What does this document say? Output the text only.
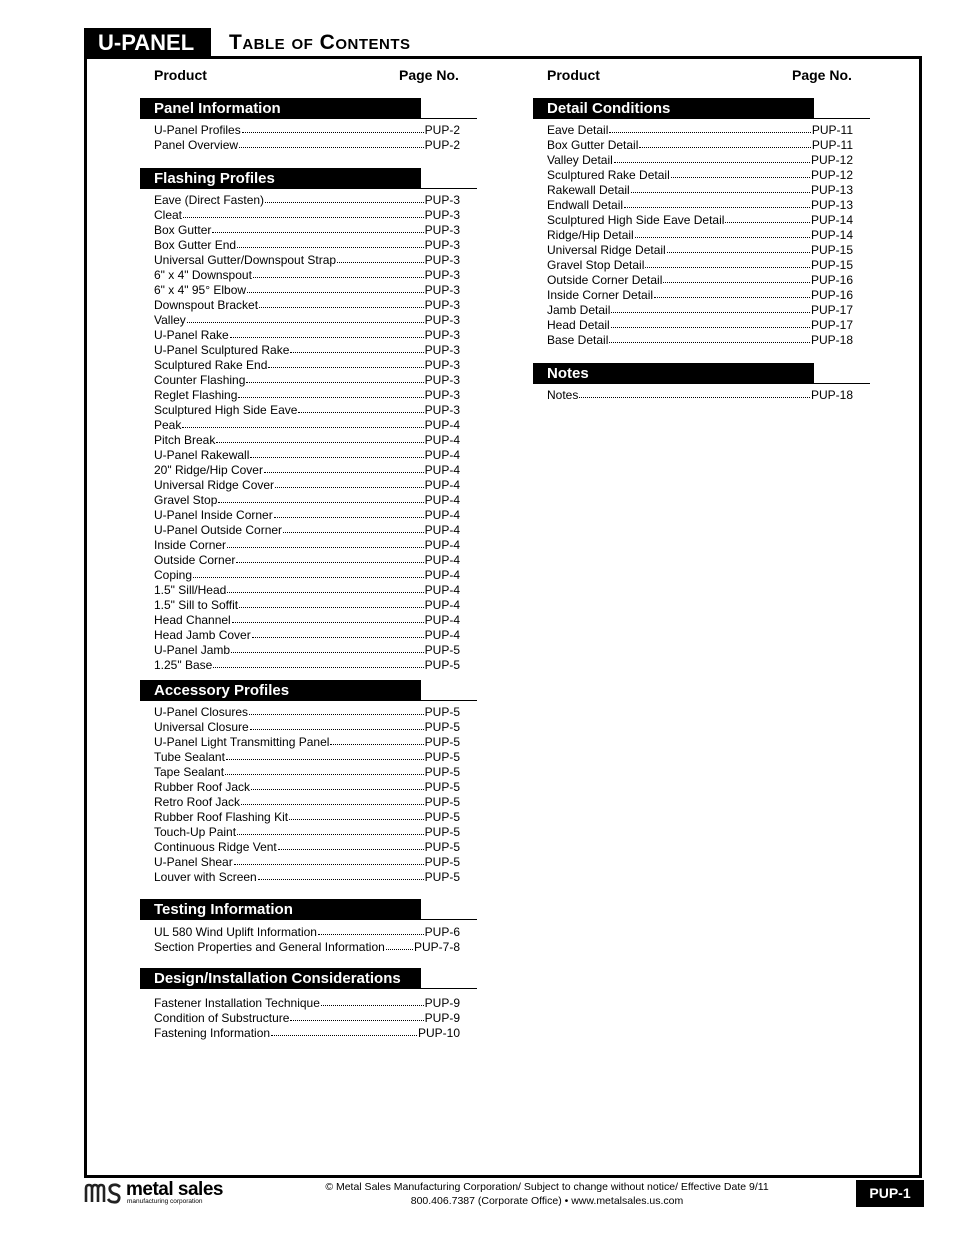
U-PANEL	Table of Contents
Product	Page No.	Product	Page No.
Panel Information
U-Panel Profiles	PUP-2
Panel Overview	PUP-2
Flashing Profiles
Eave (Direct Fasten)	PUP-3
Cleat	PUP-3
Box Gutter	PUP-3
Box Gutter End	PUP-3
Universal Gutter/Downspout Strap	PUP-3
6" x 4" Downspout	PUP-3
6" x 4" 95° Elbow	PUP-3
Downspout Bracket	PUP-3
Valley	PUP-3
U-Panel Rake	PUP-3
U-Panel Sculptured Rake	PUP-3
Sculptured Rake End	PUP-3
Counter Flashing	PUP-3
Reglet Flashing	PUP-3
Sculptured High Side Eave	PUP-3
Peak	PUP-4
Pitch Break	PUP-4
U-Panel Rakewall	PUP-4
20" Ridge/Hip Cover	PUP-4
Universal Ridge Cover	PUP-4
Gravel Stop	PUP-4
U-Panel Inside Corner	PUP-4
U-Panel Outside Corner	PUP-4
Inside Corner	PUP-4
Outside Corner	PUP-4
Coping	PUP-4
1.5" Sill/Head	PUP-4
1.5" Sill to Soffit	PUP-4
Head Channel	PUP-4
Head Jamb Cover	PUP-4
U-Panel Jamb	PUP-5
1.25" Base	PUP-5
Accessory Profiles
U-Panel Closures	PUP-5
Universal Closure	PUP-5
U-Panel Light Transmitting Panel	PUP-5
Tube Sealant	PUP-5
Tape Sealant	PUP-5
Rubber Roof Jack	PUP-5
Retro Roof Jack	PUP-5
Rubber Roof Flashing Kit	PUP-5
Touch-Up Paint	PUP-5
Continuous Ridge Vent	PUP-5
U-Panel Shear	PUP-5
Louver with Screen	PUP-5
Testing Information
UL 580 Wind Uplift Information	PUP-6
Section Properties and General Information PUP-7-8
Design/Installation Considerations
Fastener Installation Technique	PUP-9
Condition of Substructure	PUP-9
Fastening Information	PUP-10
Detail Conditions
Eave Detail	PUP-11
Box Gutter Detail	PUP-11
Valley Detail	PUP-12
Sculptured Rake Detail	PUP-12
Rakewall Detail	PUP-13
Endwall Detail	PUP-13
Sculptured High Side Eave Detail	PUP-14
Ridge/Hip Detail	PUP-14
Universal Ridge Detail	PUP-15
Gravel Stop Detail	PUP-15
Outside Corner Detail	PUP-16
Inside Corner Detail	PUP-16
Jamb Detail	PUP-17
Head Detail	PUP-17
Base Detail	PUP-18
Notes
Notes	PUP-18
metal sales
manufacturing corporation
© Metal Sales Manufacturing Corporation/ Subject to change without notice/ Effective Date 9/11
800.406.7387 (Corporate Office) • www.metalsales.us.com	PUP-1
